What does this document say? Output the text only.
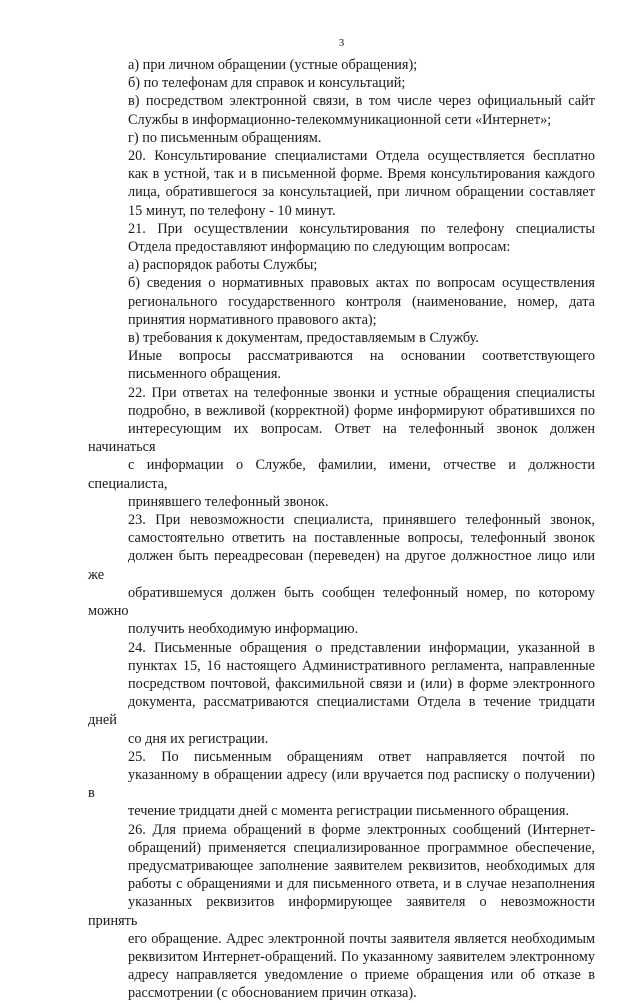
3
а) при личном обращении (устные обращения);
б) по телефонам для справок и консультаций;
в) посредством электронной связи, в том числе через официальный сайт
Службы в информационно-телекоммуникационной сети «Интернет»;
г) по письменным обращениям.
20. Консультирование специалистами Отдела осуществляется бесплатно
как в устной, так и в письменной форме. Время консультирования каждого
лица, обратившегося за консультацией, при личном обращении составляет
15 минут, по телефону - 10 минут.
21. При осуществлении консультирования по телефону специалисты
Отдела предоставляют информацию по следующим вопросам:
а) распорядок работы Службы;
б) сведения о нормативных правовых актах по вопросам осуществления
регионального государственного контроля (наименование, номер, дата
принятия нормативного правового акта);
в) требования к документам, предоставляемым в Службу.
Иные вопросы рассматриваются на основании соответствующего
письменного обращения.
22. При ответах на телефонные звонки и устные обращения специалисты
подробно, в вежливой (корректной) форме информируют обратившихся по
интересующим их вопросам. Ответ на телефонный звонок должен начинаться
с информации о Службе, фамилии, имени, отчестве и должности специалиста,
принявшего телефонный звонок.
23. При невозможности специалиста, принявшего телефонный звонок,
самостоятельно ответить на поставленные вопросы, телефонный звонок
должен быть переадресован (переведен) на другое должностное лицо или же
обратившемуся должен быть сообщен телефонный номер, по которому можно
получить необходимую информацию.
24. Письменные обращения о представлении информации, указанной в
пунктах 15, 16 настоящего Административного регламента, направленные
посредством почтовой, факсимильной связи и (или) в форме электронного
документа, рассматриваются специалистами Отдела в течение тридцати дней
со дня их регистрации.
25. По письменным обращениям ответ направляется почтой по
указанному в обращении адресу (или вручается под расписку о получении) в
течение тридцати дней с момента регистрации письменного обращения.
26. Для приема обращений в форме электронных сообщений (Интернет-
обращений) применяется специализированное программное обеспечение,
предусматривающее заполнение заявителем реквизитов, необходимых для
работы с обращениями и для письменного ответа, и в случае незаполнения
указанных реквизитов информирующее заявителя о невозможности принять
его обращение. Адрес электронной почты заявителя является необходимым
реквизитом Интернет-обращений. По указанному заявителем электронному
адресу направляется уведомление о приеме обращения или об отказе в
рассмотрении (с обоснованием причин отказа).
